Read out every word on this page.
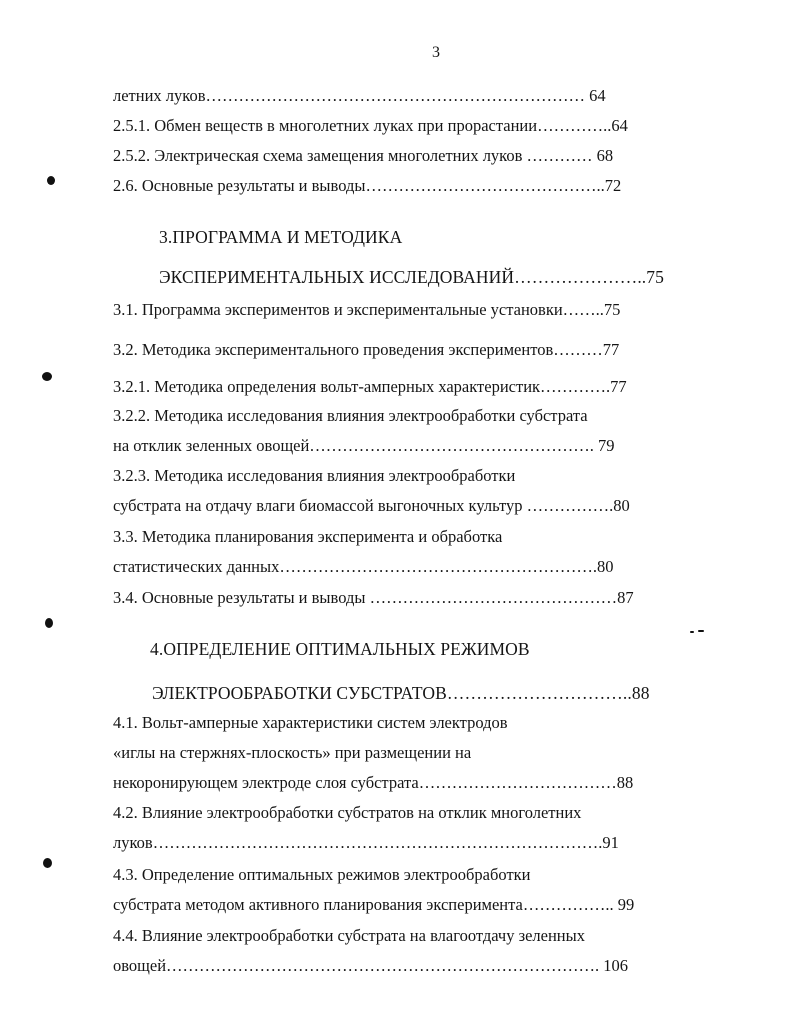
3
летних луков…………………………………………………………… 64
2.5.1. Обмен веществ в многолетних луках при прорастании…………..64
2.5.2. Электрическая схема замещения многолетних луков ………… 68
2.6. Основные результаты и выводы……………………………………..72
3.ПРОГРАММА И МЕТОДИКА
ЭКСПЕРИМЕНТАЛЬНЫХ ИССЛЕДОВАНИЙ…………………..75
3.1. Программа экспериментов и экспериментальные установки……..75
3.2. Методика экспериментального проведения экспериментов………77
3.2.1. Методика определения вольт-амперных характеристик………….77
3.2.2. Методика исследования влияния электрообработки субстрата
на отклик зеленных овощей……………………………………………. 79
3.2.3. Методика исследования влияния электрообработки
субстрата на отдачу влаги биомассой выгоночных культур …………….80
3.3. Методика планирования эксперимента и обработка
статистических данных………………………………………………….80
3.4. Основные результаты и выводы ………………………………………87
4.ОПРЕДЕЛЕНИЕ ОПТИМАЛЬНЫХ РЕЖИМОВ
ЭЛЕКТРООБРАБОТКИ СУБСТРАТОВ…………………………..88
4.1. Вольт-амперные характеристики систем электродов
«иглы на стержнях-плоскость» при размещении на
некоронирующем электроде слоя субстрата………………………………88
4.2. Влияние электрообработки субстратов на отклик многолетних
луков……………………………………………………………………….91
4.3. Определение оптимальных режимов электрообработки
субстрата методом активного планирования эксперимента…………….. 99
4.4. Влияние электрообработки субстрата на влагоотдачу зеленных
овощей……………………………………………………………………. 106
